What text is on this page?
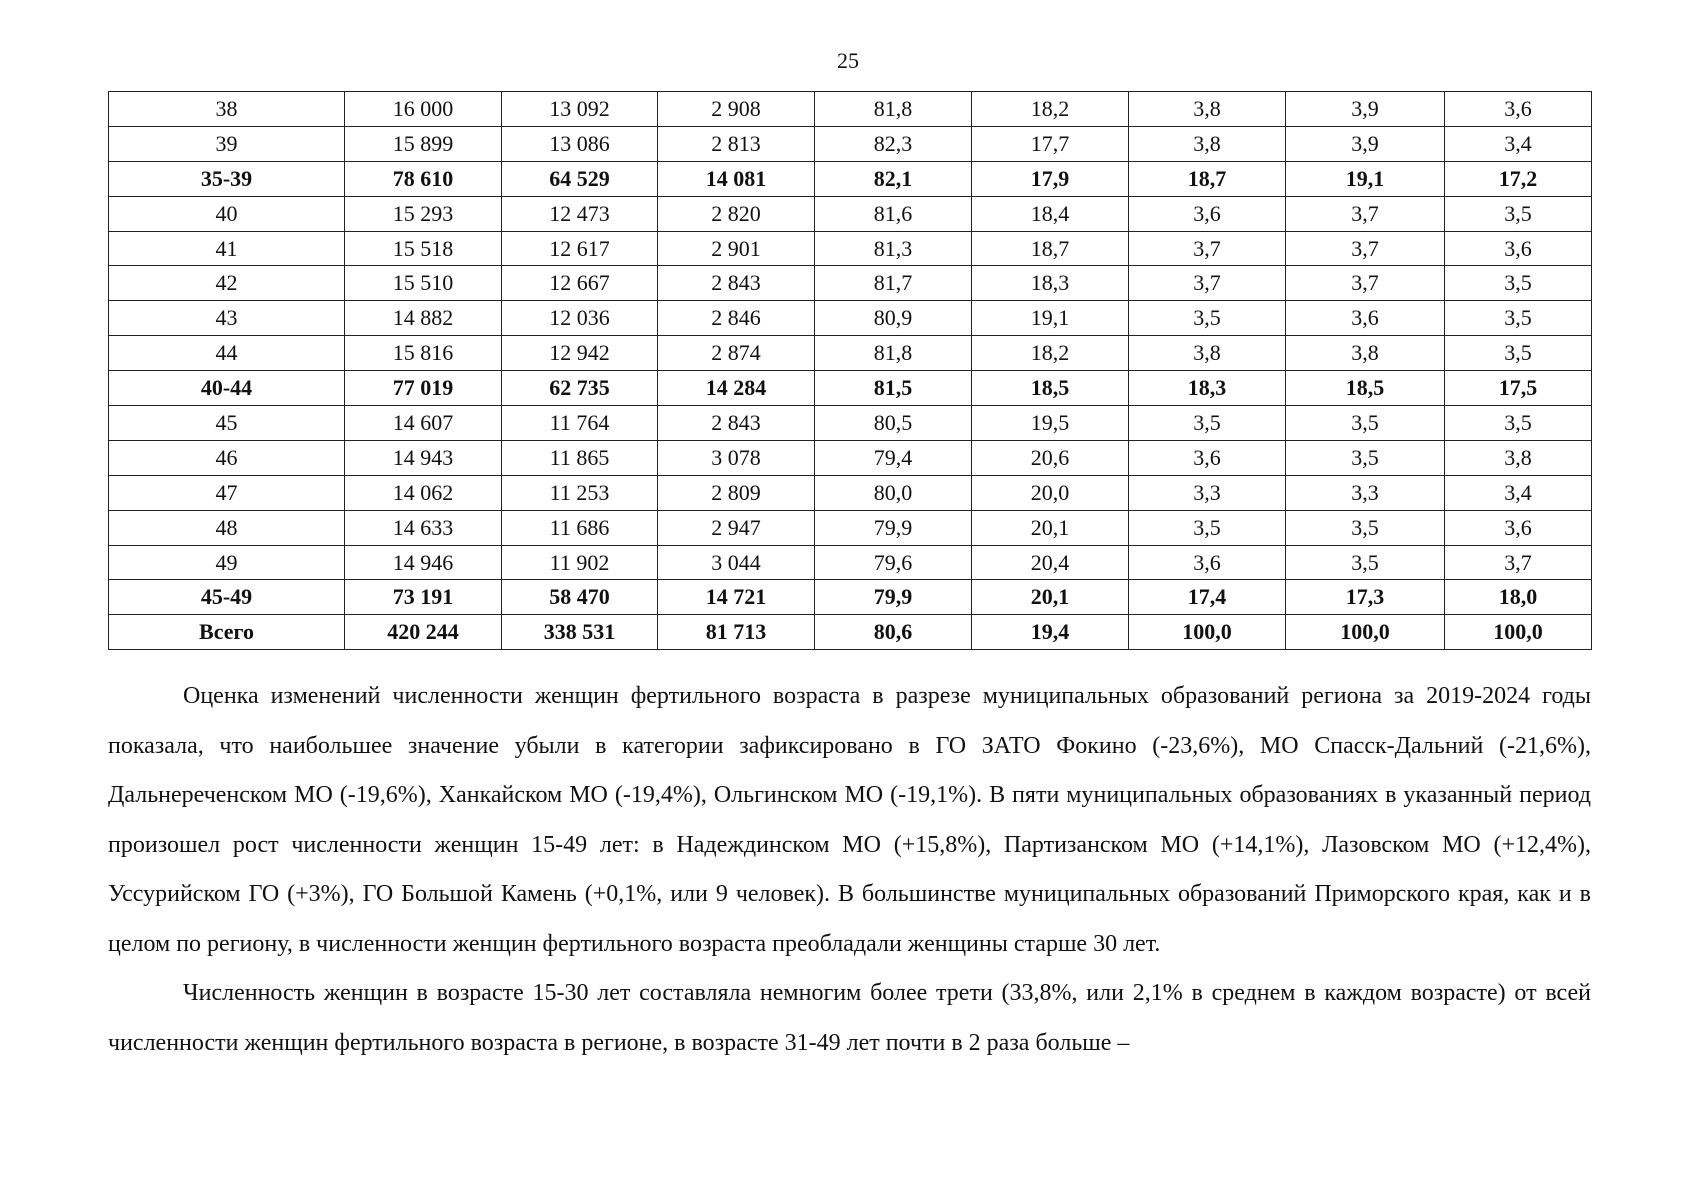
25
38	16 000	13 092	2 908	81,8	18,2	3,8	3,9	3,6
39	15 899	13 086	2 813	82,3	17,7	3,8	3,9	3,4
35-39	78 610	64 529	14 081	82,1	17,9	18,7	19,1	17,2
40	15 293	12 473	2 820	81,6	18,4	3,6	3,7	3,5
41	15 518	12 617	2 901	81,3	18,7	3,7	3,7	3,6
42	15 510	12 667	2 843	81,7	18,3	3,7	3,7	3,5
43	14 882	12 036	2 846	80,9	19,1	3,5	3,6	3,5
44	15 816	12 942	2 874	81,8	18,2	3,8	3,8	3,5
40-44	77 019	62 735	14 284	81,5	18,5	18,3	18,5	17,5
45	14 607	11 764	2 843	80,5	19,5	3,5	3,5	3,5
46	14 943	11 865	3 078	79,4	20,6	3,6	3,5	3,8
47	14 062	11 253	2 809	80,0	20,0	3,3	3,3	3,4
48	14 633	11 686	2 947	79,9	20,1	3,5	3,5	3,6
49	14 946	11 902	3 044	79,6	20,4	3,6	3,5	3,7
45-49	73 191	58 470	14 721	79,9	20,1	17,4	17,3	18,0
Всего	420 244	338 531	81 713	80,6	19,4	100,0	100,0	100,0

Оценка изменений численности женщин фертильного возраста в разрезе муниципальных образований региона за 2019-2024 годы показала, что наибольшее значение убыли в категории зафиксировано в ГО ЗАТО Фокино (-23,6%), МО Спасск-Дальний (-21,6%), Дальнереченском МО (-19,6%), Ханкайском МО (-19,4%), Ольгинском МО (-19,1%). В пяти муниципальных образованиях в указанный период произошел рост численности женщин 15-49 лет: в Надеждинском МО (+15,8%), Партизанском МО (+14,1%), Лазовском МО (+12,4%), Уссурийском ГО (+3%), ГО Большой Камень (+0,1%, или 9 человек). В большинстве муниципальных образований Приморского края, как и в целом по региону, в численности женщин фертильного возраста преобладали женщины старше 30 лет.

Численность женщин в возрасте 15-30 лет составляла немногим более трети (33,8%, или 2,1% в среднем в каждом возрасте) от всей численности женщин фертильного возраста в регионе, в возрасте 31-49 лет почти в 2 раза больше –
